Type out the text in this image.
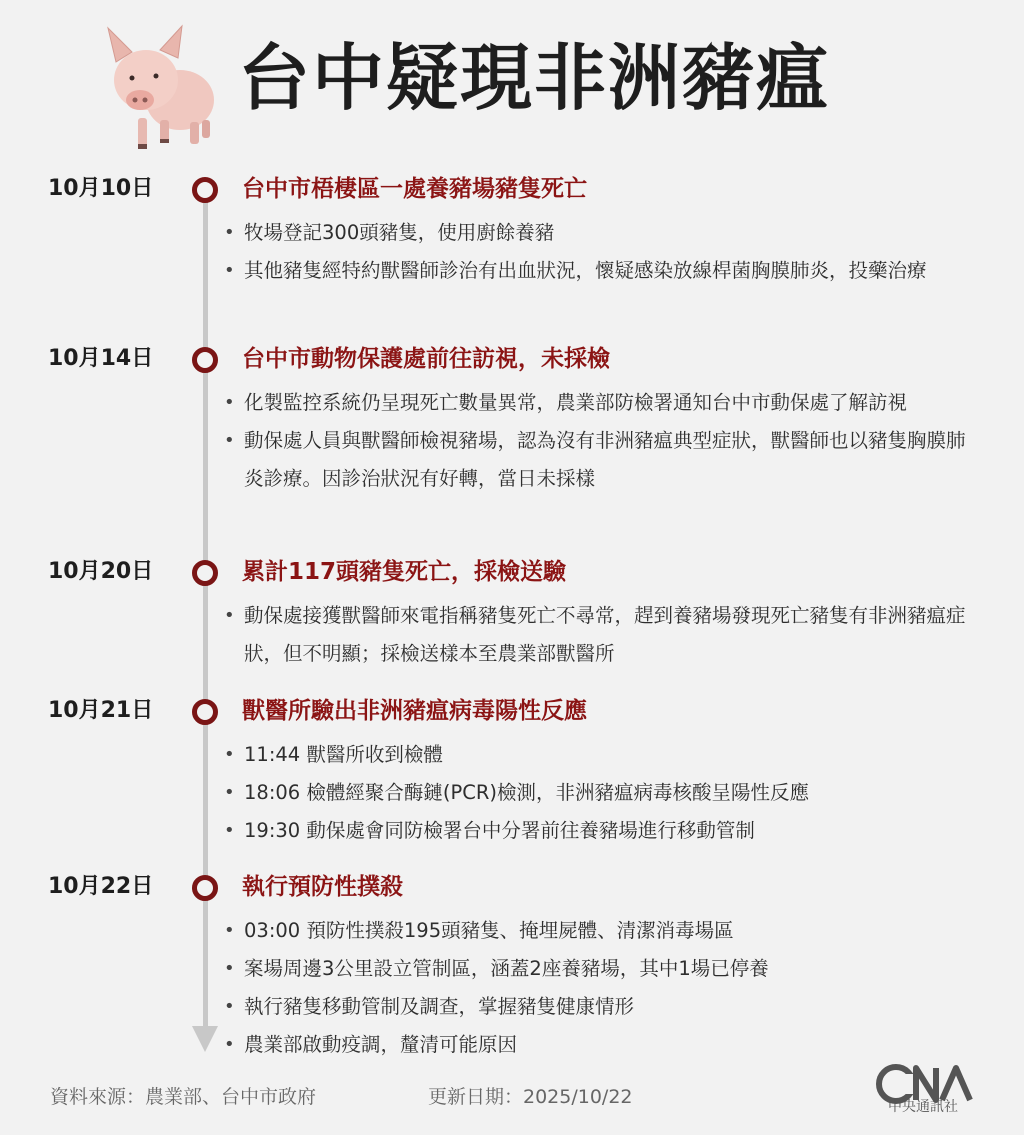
台中疑現非洲豬瘟
10月10日	台中市梧棲區一處養豬場豬隻死亡
• 牧場登記300頭豬隻，使用廚餘養豬
• 其他豬隻經特約獸醫師診治有出血狀況，懷疑感染放線桿菌胸膜肺炎，投藥治療
10月14日	台中市動物保護處前往訪視，未採檢
• 化製監控系統仍呈現死亡數量異常，農業部防檢署通知台中市動保處了解訪視
• 動保處人員與獸醫師檢視豬場，認為沒有非洲豬瘟典型症狀，獸醫師也以豬隻胸膜肺炎診療。因診治狀況有好轉，當日未採樣
10月20日	累計117頭豬隻死亡，採檢送驗
• 動保處接獲獸醫師來電指稱豬隻死亡不尋常，趕到養豬場發現死亡豬隻有非洲豬瘟症狀，但不明顯；採檢送樣本至農業部獸醫所
10月21日	獸醫所驗出非洲豬瘟病毒陽性反應
• 11:44 獸醫所收到檢體
• 18:06 檢體經聚合酶鏈(PCR)檢測，非洲豬瘟病毒核酸呈陽性反應
• 19:30 動保處會同防檢署台中分署前往養豬場進行移動管制
10月22日	執行預防性撲殺
• 03:00 預防性撲殺195頭豬隻、掩埋屍體、清潔消毒場區
• 案場周邊3公里設立管制區，涵蓋2座養豬場，其中1場已停養
• 執行豬隻移動管制及調查，掌握豬隻健康情形
• 農業部啟動疫調，釐清可能原因
資料來源：農業部、台中市政府	更新日期：2025/10/22	中央通訊社
